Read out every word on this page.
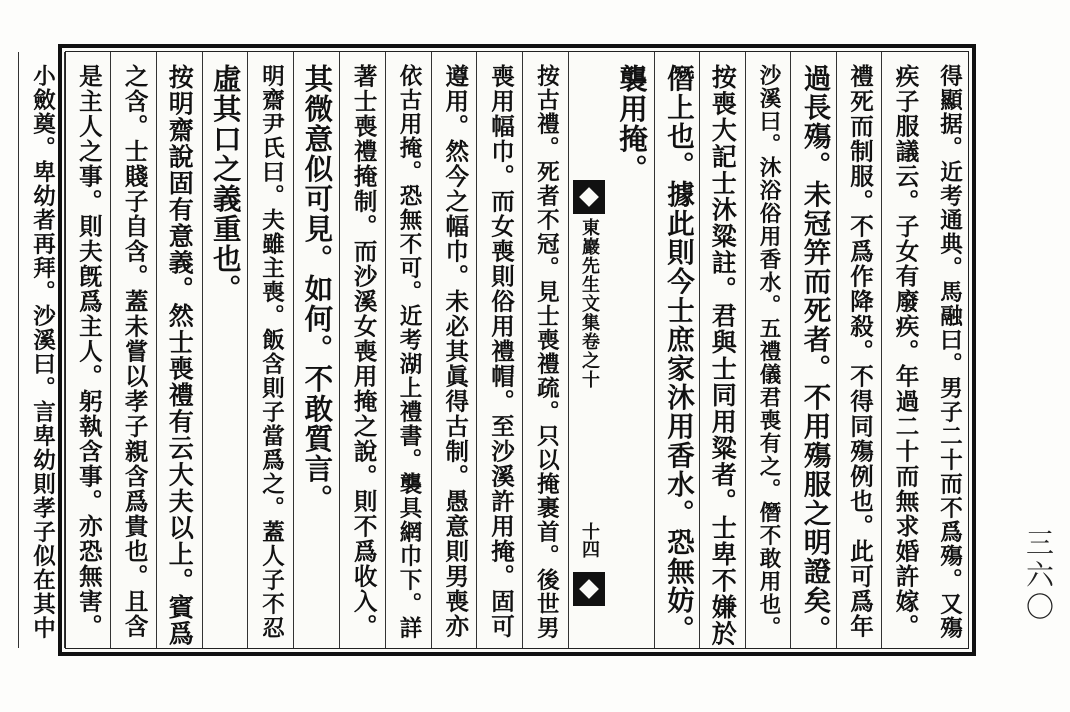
得顯据。近考通典。馬融曰。男子二十而不爲殤。又殤
疾子服議云。子女有廢疾。年過二十而無求婚許嫁。
禮死而制服。不爲作降殺。不得同殤例也。此可爲年
過長殤。未冠笄而死者。不用殤服之明證矣。
沙溪曰。沐浴俗用香水。五禮儀君喪有之。僭不敢用也。
按喪大記士沐粱註。君與士同用粱者。士卑不嫌於
僭上也。據此則今士庶家沐用香水。恐無妨。
襲用掩。
東巖先生文集卷之十
十四
按古禮。死者不冠。見士喪禮疏。只以掩裹首。後世男
喪用幅巾。而女喪則俗用禮帽。至沙溪許用掩。固可
遵用。然今之幅巾。未必其眞得古制。愚意則男喪亦
依古用掩。恐無不可。近考湖上禮書。襲具網巾下。詳
著士喪禮掩制。而沙溪女喪用掩之說。則不爲收入。
其微意似可見。如何。不敢質言。
明齋尹氏曰。夫雖主喪。飯含則子當爲之。蓋人子不忍
虛其口之義重也。
按明齋說固有意義。然士喪禮有云大夫以上。賓爲
之含。士賤子自含。蓋未嘗以孝子親含爲貴也。且含
是主人之事。則夫旣爲主人。躬執含事。亦恐無害。
小斂奠。卑幼者再拜。沙溪曰。言卑幼則孝子似在其中	三六〇
